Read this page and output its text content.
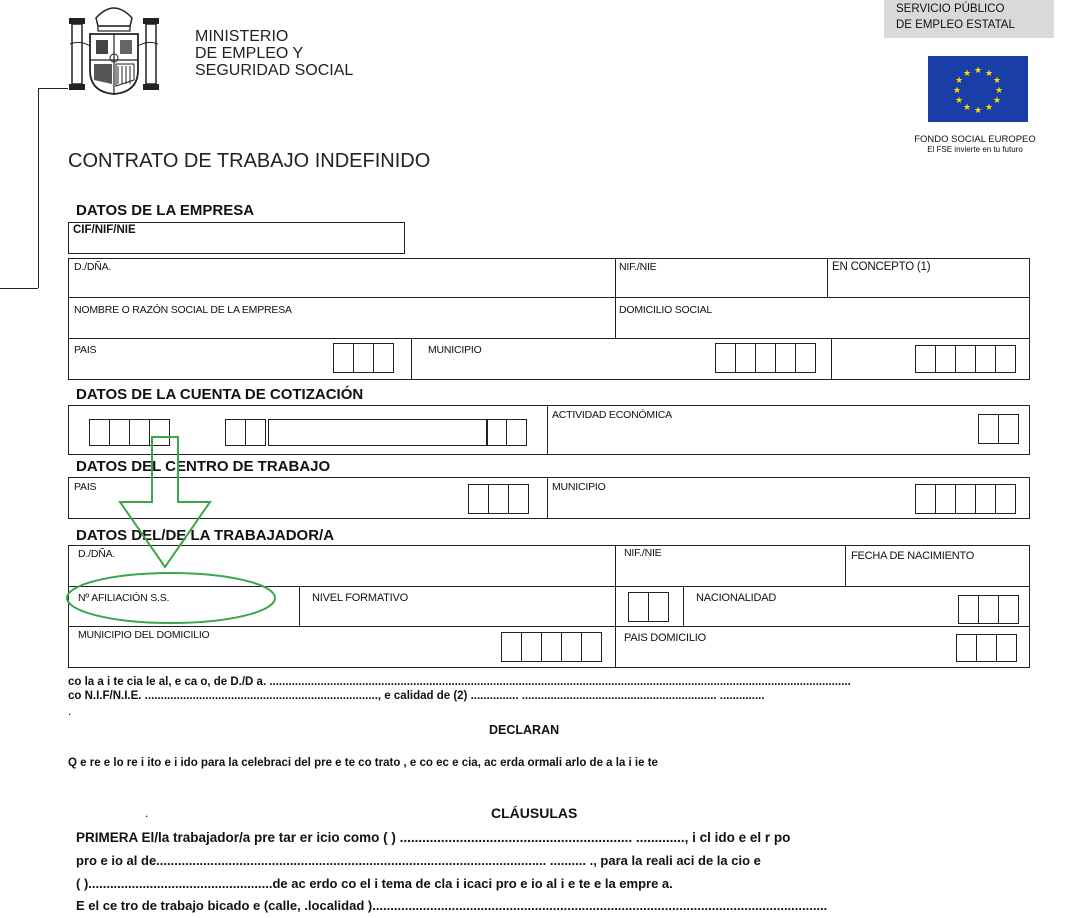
MINISTERIO
DE EMPLEO Y
SEGURIDAD SOCIAL
SERVICIO PÚBLICO
DE EMPLEO ESTATAL
★ ★
★
★
★
★
★
★
★
★
★
★
FONDO SOCIAL EUROPEO
El FSE invierte en tu futuro
CONTRATO DE TRABAJO INDEFINIDO
DATOS DE LA EMPRESA
CIF/NIF/NIE
D./DÑA.	NIF./NIE	EN CONCEPTO (1)
NOMBRE O RAZÓN SOCIAL DE LA EMPRESA	DOMICILIO SOCIAL
PAIS	MUNICIPIO
DATOS DE LA CUENTA DE COTIZACIÓN
ACTIVIDAD ECONÓMICA
DATOS DEL CENTRO DE TRABAJO
PAIS	MUNICIPIO
DATOS DEL/DE LA TRABAJADOR/A
D./DÑA.	NIF./NIE	FECHA DE NACIMIENTO
Nº AFILIACIÓN S.S.	NIVEL FORMATIVO	NACIONALIDAD
MUNICIPIO DEL DOMICILIO	PAIS DOMICILIO
co la a i te cia le al, e ca o, de D./D a. ......................................................................................................................................................................................
co N.I.F/N.I.E. ........................................................................., e calidad de (2) ............... ............................................................. ..............
.
DECLARAN
Q e re e lo re i ito e i ido para la celebraci del pre e te co trato , e co ec e cia, ac erda ormali arlo de a la i ie te
.	CLÁUSULAS
PRIMERA El/la trabajador/a pre tar er icio como ( ) .............................................................. ............., i cl ido e el r po
pro e io al de............................................................................................................ .......... ., para la reali aci de la cio e
( )...................................................de ac erdo co el i tema de cla i icaci pro e io al i e te e la empre a.
E el ce tro de trabajo bicado e (calle, .localidad )..............................................................................................................................
